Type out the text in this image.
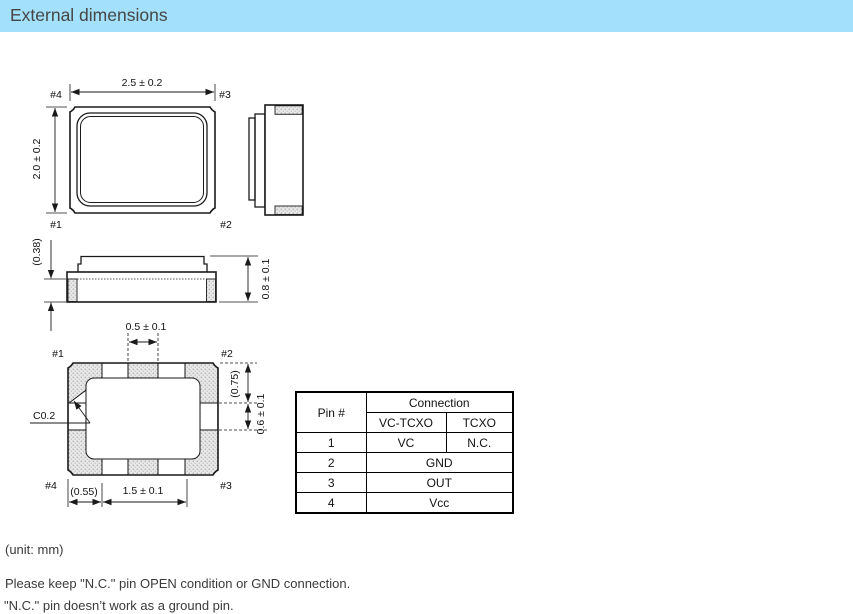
External dimensions
2.5 ± 0.2
2.0 ± 0.2
#4	#3
#1	#2
(0.38)
0.8 ± 0.1
0.5 ± 0.1
#1	#2
#4	#3
(0.75)
0.6 ± 0.1
C0.2
(0.55) 1.5 ± 0.1
Pin #	Connection	
	VC-TCXO	TCXO
1	VC	N.C.
2	GND	
3	OUT	
4	Vcc	
(unit: mm)
Please keep "N.C." pin OPEN condition or GND connection.
"N.C." pin doesn’t work as a ground pin.
